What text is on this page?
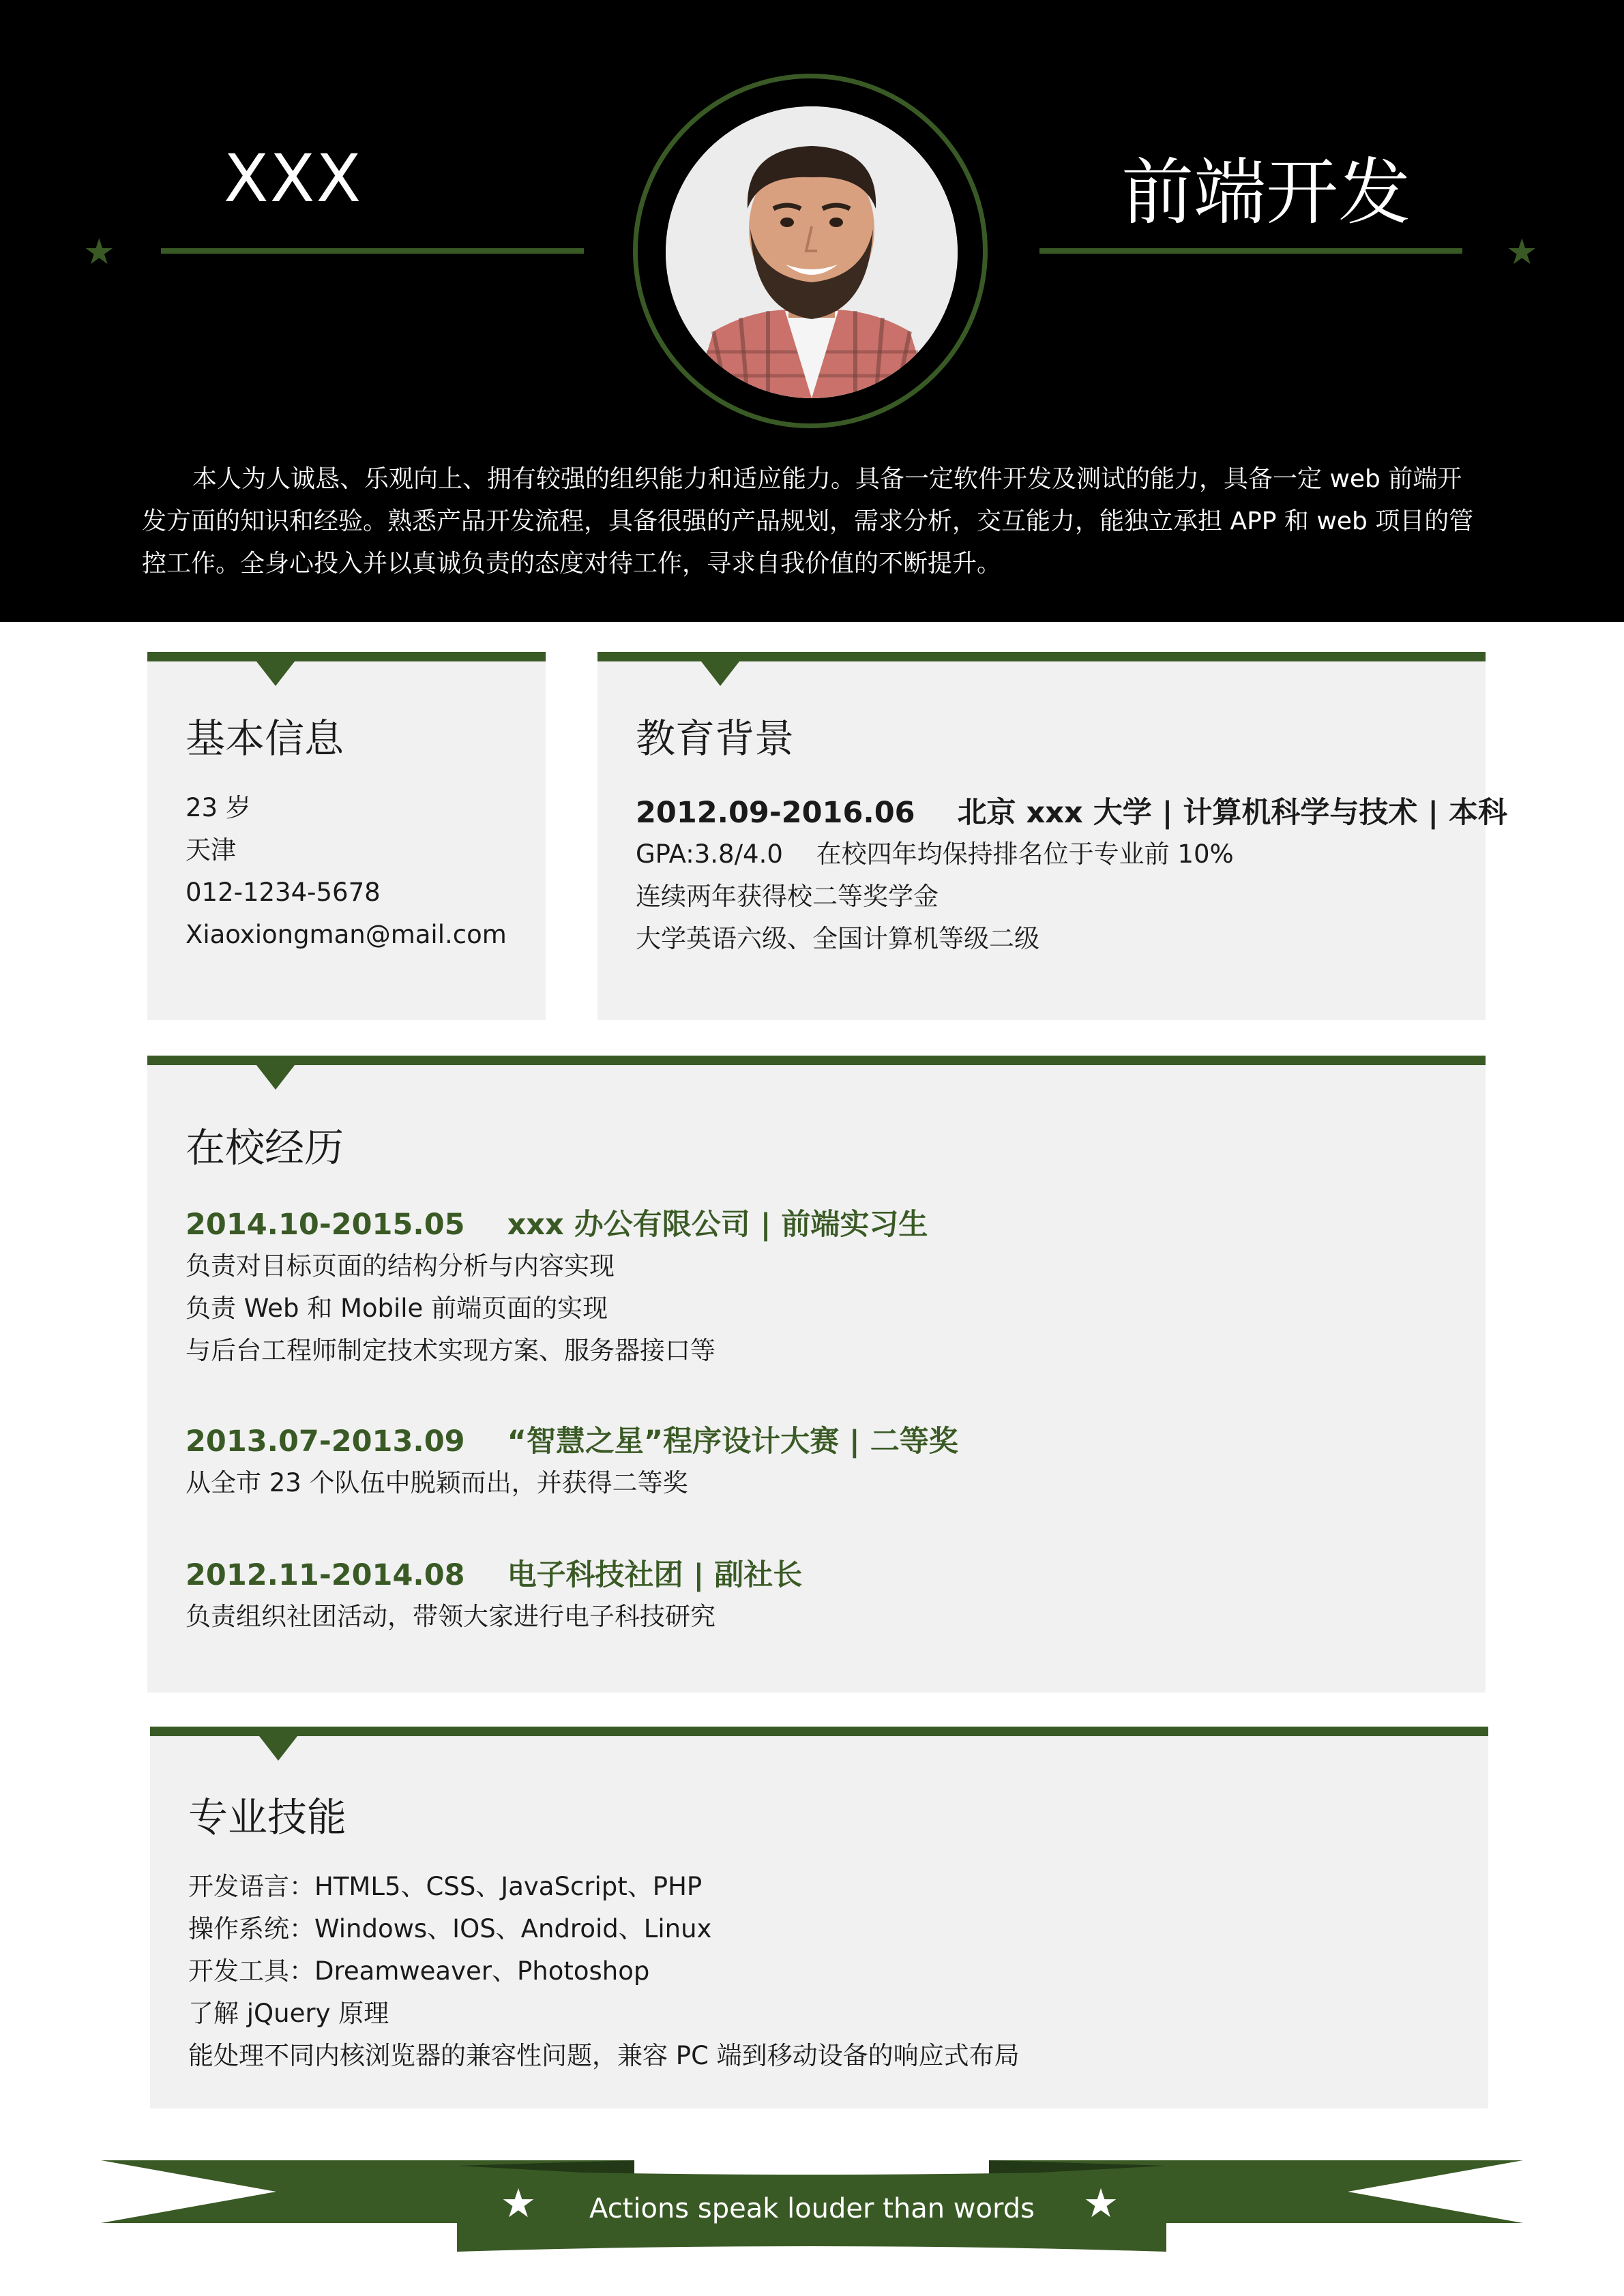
XXX
★	★
前端开发
本人为人诚恳、乐观向上、拥有较强的组织能力和适应能力。具备一定软件开发及测试的能力，具备一定 web 前端开发方面的知识和经验。熟悉产品开发流程，具备很强的产品规划，需求分析，交互能力，能独立承担 APP 和 web 项目的管控工作。全身心投入并以真诚负责的态度对待工作，寻求自我价值的不断提升。
基本信息
23 岁
天津
012-1234-5678
Xiaoxiongman@mail.com
教育背景
2012.09-2016.06 北京 xxx 大学 | 计算机科学与技术 | 本科
GPA:3.8/4.0　 在校四年均保持排名位于专业前 10%
连续两年获得校二等奖学金
大学英语六级、全国计算机等级二级
在校经历
2014.10-2015.05 xxx 办公有限公司 | 前端实习生
负责对目标页面的结构分析与内容实现
负责 Web 和 Mobile 前端页面的实现
与后台工程师制定技术实现方案、服务器接口等
2013.07-2013.09 “智慧之星”程序设计大赛 | 二等奖
从全市 23 个队伍中脱颖而出，并获得二等奖
2012.11-2014.08 电子科技社团 | 副社长
负责组织社团活动，带领大家进行电子科技研究
专业技能
开发语言：HTML5、CSS、JavaScript、PHP
操作系统：Windows、IOS、Android、Linux
开发工具：Dreamweaver、Photoshop
了解 jQuery 原理
能处理不同内核浏览器的兼容性问题，兼容 PC 端到移动设备的响应式布局
★	★
Actions speak louder than words
